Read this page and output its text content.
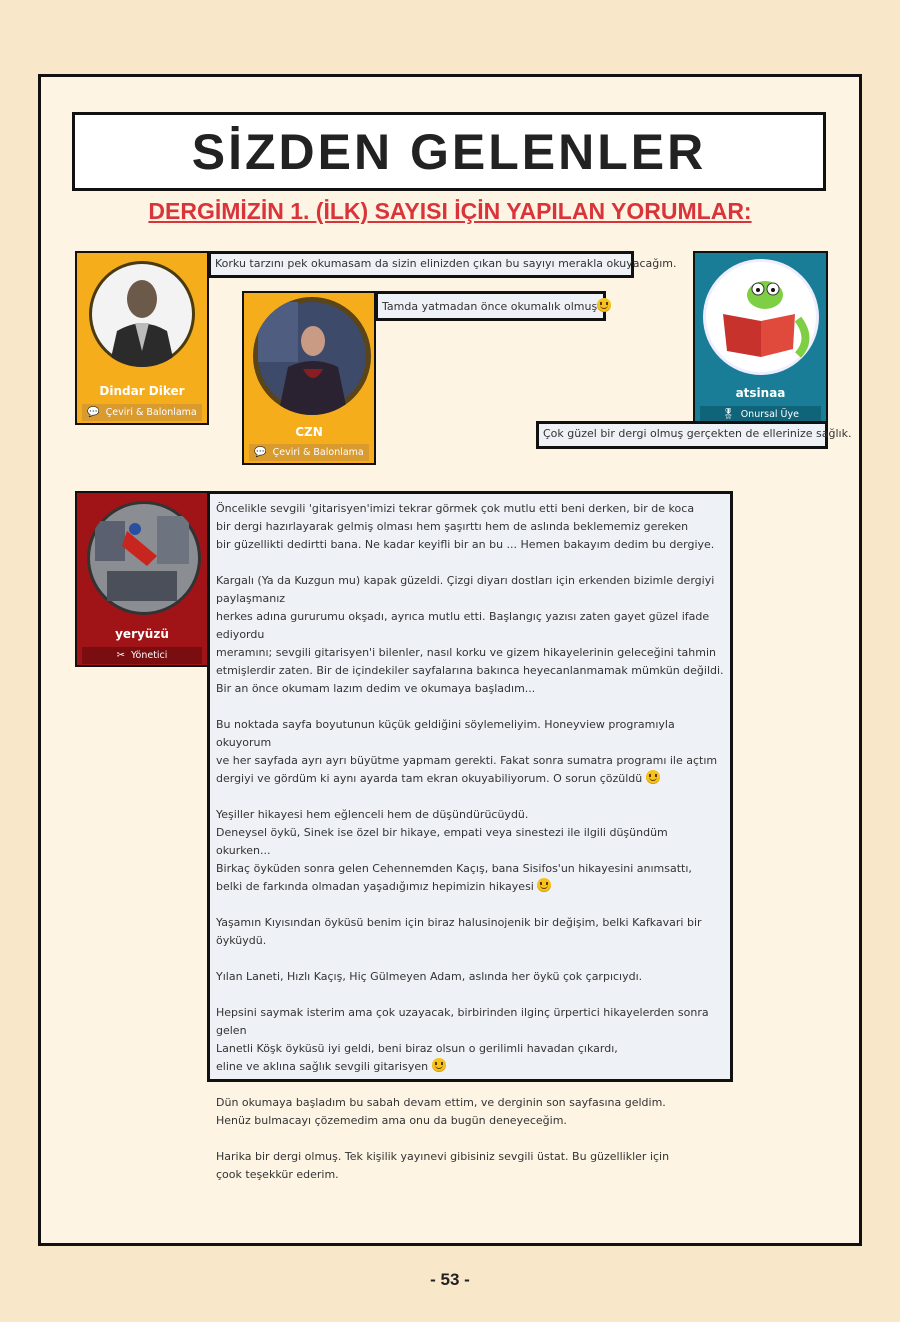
SİZDEN GELENLER
DERGİMİZİN 1. (İLK) SAYISI İÇİN YAPILAN YORUMLAR:
Dindar Diker
💬 Çeviri & Balonlama
Korku tarzını pek okumasam da sizin elinizden çıkan bu sayıyı merakla okuyacağım.
CZN
💬 Çeviri & Balonlama
Tamda yatmadan önce okumalık olmuş
atsinaa
🎖 Onursal Üye
Çok güzel bir dergi olmuş gerçekten de ellerinize sağlık.
yeryüzü
✂ Yönetici

Öncelikle sevgili 'gitarisyen'imizi tekrar görmek çok mutlu etti beni derken, bir de koca
bir dergi hazırlayarak gelmiş olması hem şaşırttı hem de aslında beklememiz gereken
bir güzellikti dedirtti bana. Ne kadar keyifli bir an bu ... Hemen bakayım dedim bu dergiye.

Kargalı (Ya da Kuzgun mu) kapak güzeldi. Çizgi diyarı dostları için erkenden bizimle dergiyi paylaşmanız
herkes adına gururumu okşadı, ayrıca mutlu etti. Başlangıç yazısı zaten gayet güzel ifade ediyordu
meramını; sevgili gitarisyen'i bilenler, nasıl korku ve gizem hikayelerinin geleceğini tahmin
etmişlerdir zaten. Bir de içindekiler sayfalarına bakınca heyecanlanmamak mümkün değildi.
Bir an önce okumam lazım dedim ve okumaya başladım...

Bu noktada sayfa boyutunun küçük geldiğini söylemeliyim. Honeyview programıyla okuyorum
ve her sayfada ayrı ayrı büyütme yapmam gerekti. Fakat sonra sumatra programı ile açtım
dergiyi ve gördüm ki aynı ayarda tam ekran okuyabiliyorum. O sorun çözüldü

Yeşiller hikayesi hem eğlenceli hem de düşündürücüydü.
Deneysel öykü, Sinek ise özel bir hikaye, empati veya sinestezi ile ilgili düşündüm okurken...
Birkaç öyküden sonra gelen Cehennemden Kaçış, bana Sisifos'un hikayesini anımsattı,
belki de farkında olmadan yaşadığımız hepimizin hikayesi

Yaşamın Kıyısından öyküsü benim için biraz halusinojenik bir değişim, belki Kafkavari bir öyküydü.

Yılan Laneti, Hızlı Kaçış, Hiç Gülmeyen Adam, aslında her öykü çok çarpıcıydı.

Hepsini saymak isterim ama çok uzayacak, birbirinden ilginç ürpertici hikayelerden sonra gelen
Lanetli Köşk öyküsü iyi geldi, beni biraz olsun o gerilimli havadan çıkardı,
eline ve aklına sağlık sevgili gitarisyen

Dün okumaya başladım bu sabah devam ettim, ve derginin son sayfasına geldim.
Henüz bulmacayı çözemedim ama onu da bugün deneyeceğim.

Harika bir dergi olmuş. Tek kişilik yayınevi gibisiniz sevgili üstat. Bu güzellikler için
çook teşekkür ederim.

- 53 -
